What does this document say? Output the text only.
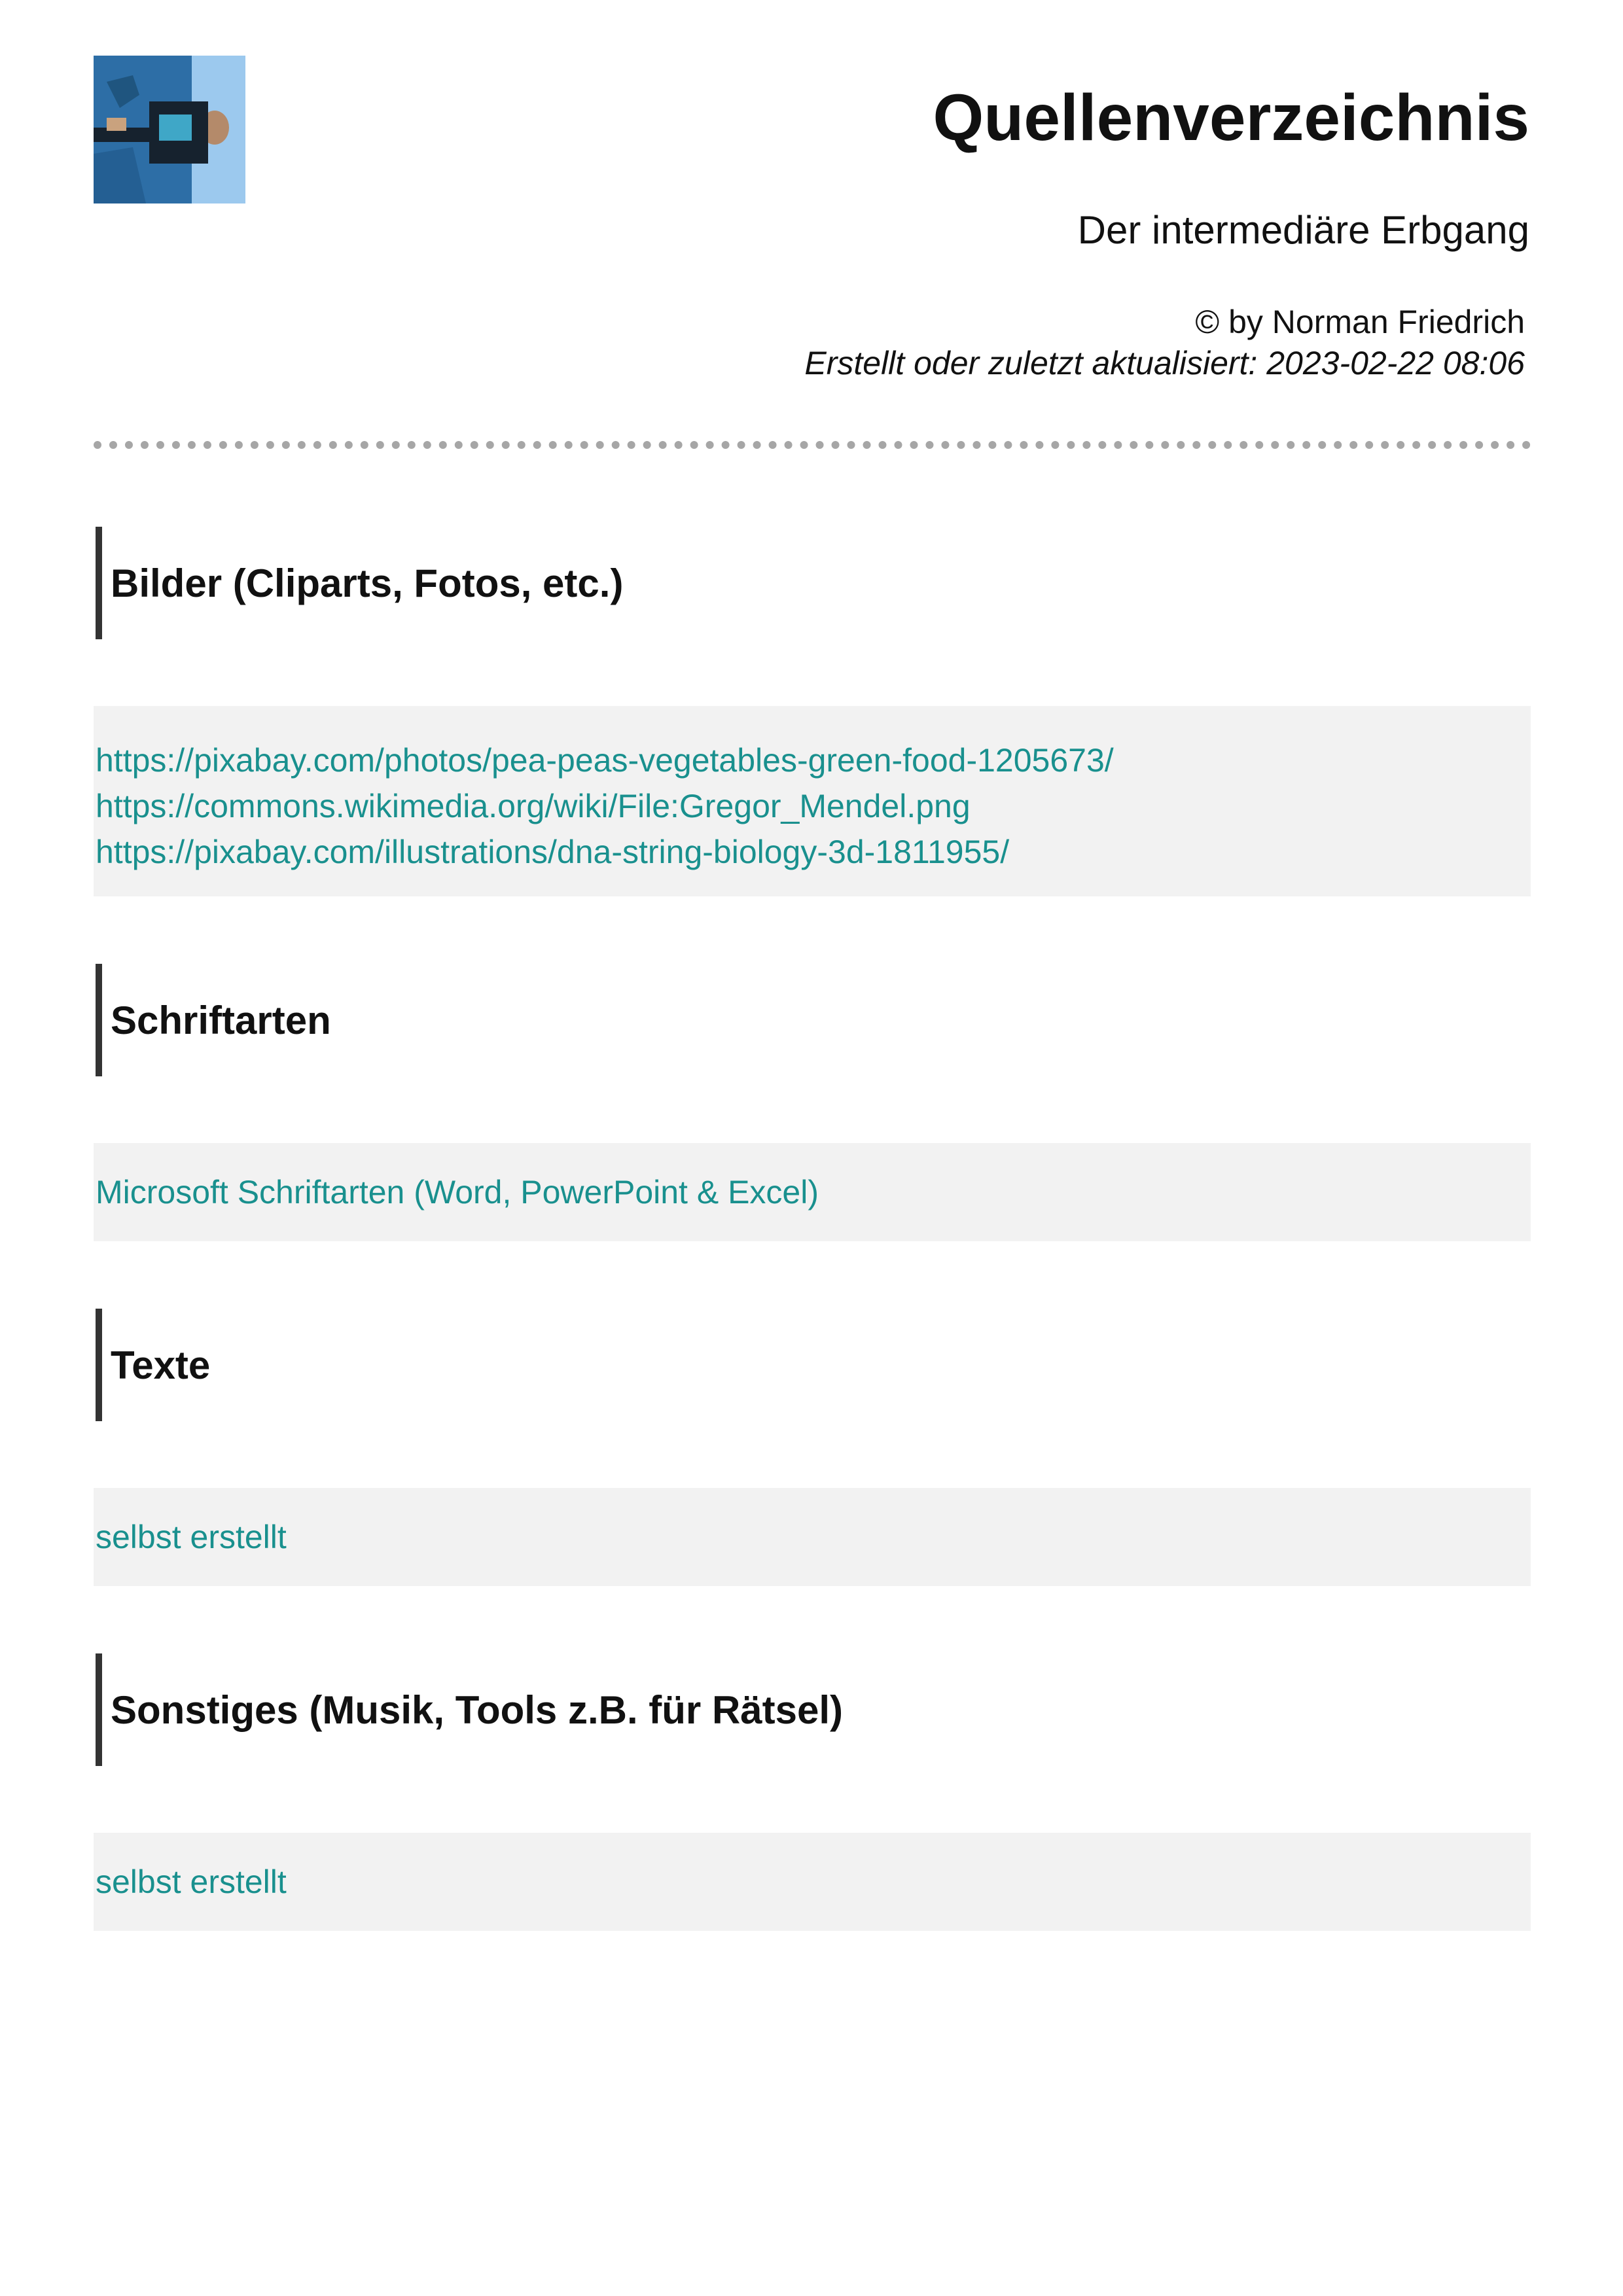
Quellenverzeichnis
Der intermediäre Erbgang
© by Norman Friedrich
Erstellt oder zuletzt aktualisiert: 2023-02-22 08:06
Bilder (Cliparts, Fotos, etc.)
https://pixabay.com/photos/pea-peas-vegetables-green-food-1205673/
https://commons.wikimedia.org/wiki/File:Gregor_Mendel.png
https://pixabay.com/illustrations/dna-string-biology-3d-1811955/
Schriftarten
Microsoft Schriftarten (Word, PowerPoint & Excel)
Texte
selbst erstellt
Sonstiges (Musik, Tools z.B. für Rätsel)
selbst erstellt
